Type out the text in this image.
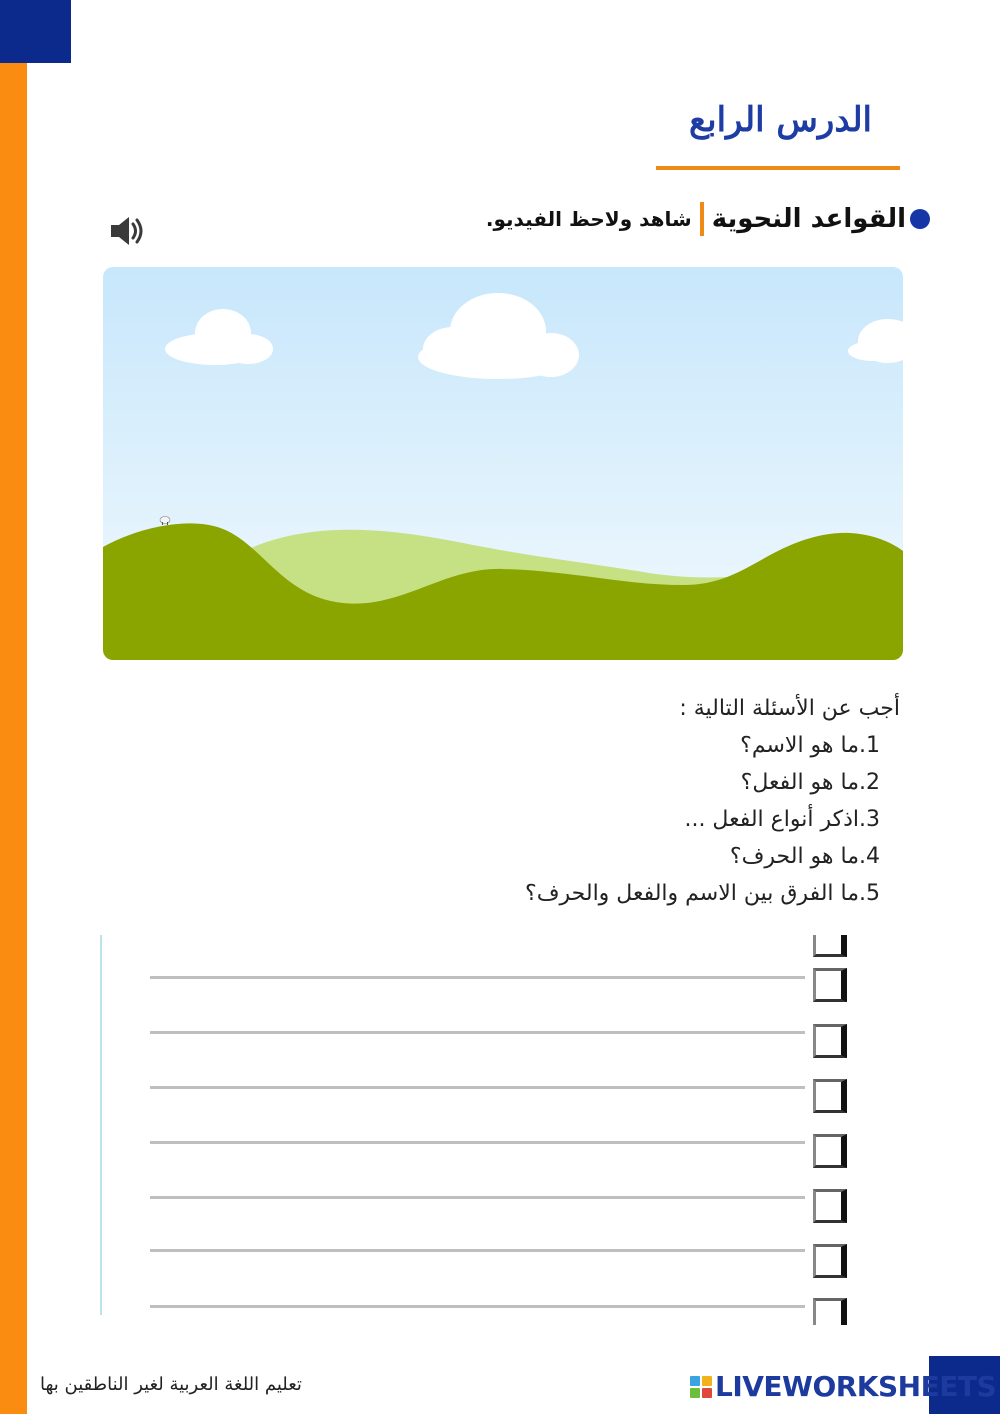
الدرس الرابع
القواعد النحوية
شاهد ولاحظ الفيديو.
أجب عن الأسئلة التالية :
1.ما هو الاسم؟
2.ما هو الفعل؟
3.اذكر أنواع الفعل ...
4.ما هو الحرف؟
5.ما الفرق بين الاسم والفعل والحرف؟
تعليم اللغة العربية لغير الناطقين بها	LIVEWORKSHEETS
